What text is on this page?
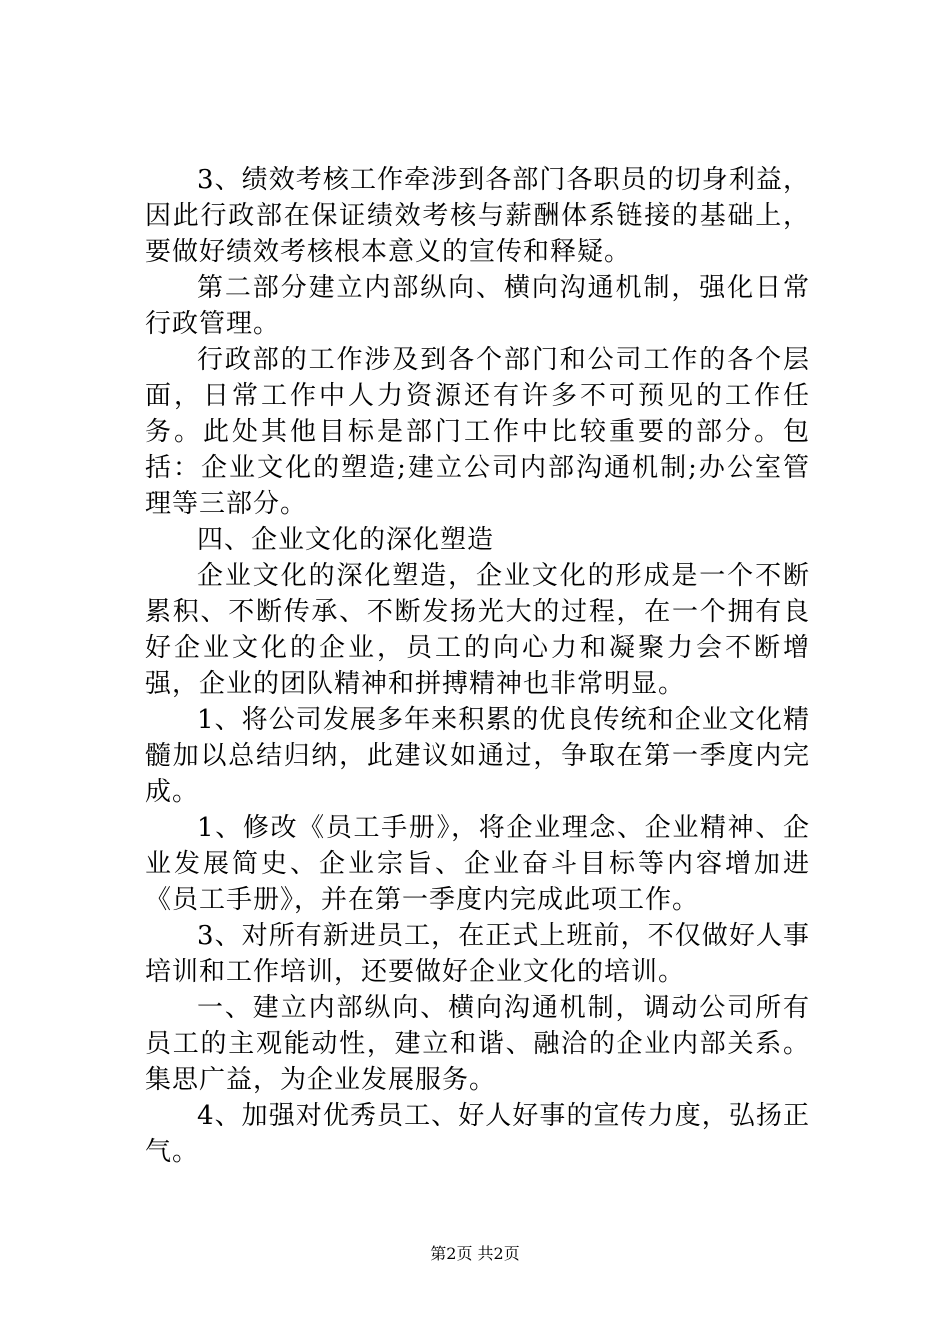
3、绩效考核工作牵涉到各部门各职员的切身利益，因此行政部在保证绩效考核与薪酬体系链接的基础上，要做好绩效考核根本意义的宣传和释疑。

第二部分建立内部纵向、横向沟通机制，强化日常行政管理。

行政部的工作涉及到各个部门和公司工作的各个层面，日常工作中人力资源还有许多不可预见的工作任务。此处其他目标是部门工作中比较重要的部分。包括：企业文化的塑造;建立公司内部沟通机制;办公室管理等三部分。

四、企业文化的深化塑造

企业文化的深化塑造，企业文化的形成是一个不断累积、不断传承、不断发扬光大的过程，在一个拥有良好企业文化的企业，员工的向心力和凝聚力会不断增强，企业的团队精神和拼搏精神也非常明显。

1、将公司发展多年来积累的优良传统和企业文化精髓加以总结归纳，此建议如通过，争取在第一季度内完成。

1、修改《员工手册》，将企业理念、企业精神、企业发展简史、企业宗旨、企业奋斗目标等内容增加进《员工手册》，并在第一季度内完成此项工作。

3、对所有新进员工，在正式上班前，不仅做好人事培训和工作培训，还要做好企业文化的培训。

一、建立内部纵向、横向沟通机制，调动公司所有员工的主观能动性，建立和谐、融洽的企业内部关系。集思广益，为企业发展服务。

4、加强对优秀员工、好人好事的宣传力度，弘扬正气。

第2页 共2页
